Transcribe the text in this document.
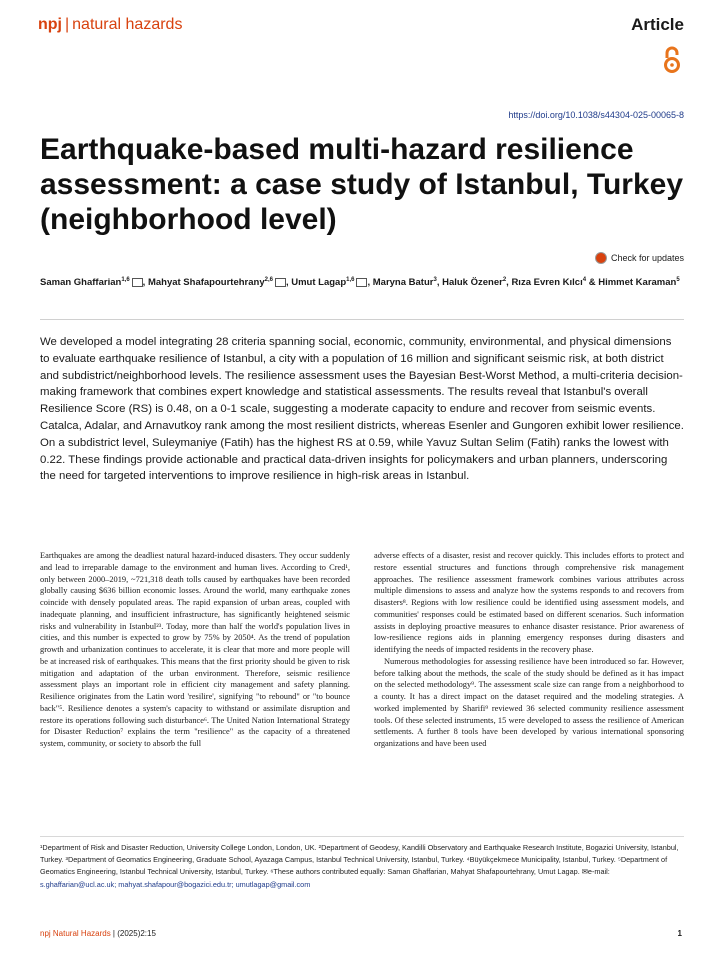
npj | natural hazards	Article
https://doi.org/10.1038/s44304-025-00065-8
Earthquake-based multi-hazard resilience assessment: a case study of Istanbul, Turkey (neighborhood level)
Check for updates

Saman Ghaffarian$^{1,6}$ , Mahyat Shafapourtehrany$^{2,6}$ , Umut Lagap$^{1,6}$ , Maryna Batur$^3$, Haluk Özener$^2$, Rıza Evren Kılcı$^4$ & Himmet Karaman$^5$

We developed a model integrating 28 criteria spanning social, economic, community, environmental, and physical dimensions to evaluate earthquake resilience of Istanbul, a city with a population of 16 million and significant seismic risk, at both district and subdistrict/neighborhood levels. The resilience assessment uses the Bayesian Best-Worst Method, a multi-criteria decision-making framework that combines expert knowledge and statistical assessments. The results reveal that Istanbul's overall Resilience Score (RS) is 0.48, on a 0-1 scale, suggesting a moderate capacity to endure and recover from seismic events. Catalca, Adalar, and Arnavutkoy rank among the most resilient districts, whereas Esenler and Gungoren exhibit lower resilience. On a subdistrict level, Suleymaniye (Fatih) has the highest RS at 0.59, while Yavuz Sultan Selim (Fatih) ranks the lowest with 0.22. These findings provide actionable and practical data-driven insights for policymakers and urban planners, underscoring the need for targeted interventions to improve resilience in high-risk areas in Istanbul.

Earthquakes are among the deadliest natural hazard-induced disasters. They occur suddenly and lead to irreparable damage to the environment and human lives. According to Cred¹, only between 2000–2019, ~721,318 death tolls caused by earthquakes have been recorded globally causing $636 billion economic losses. Around the world, many earthquake zones coincide with densely populated areas. The rapid expansion of urban areas, coupled with inadequate planning, and insufficient infrastructure, has significantly heightened seismic risks and vulnerability in Istanbul²³. Today, more than half the world's population lives in cities, and this number is expected to grow by 75% by 2050⁴. As the trend of population growth and urbanization continues to accelerate, it is clear that more and more people will be at increased risk of earthquakes. This means that the first priority should be given to risk mitigation and adaptation of the urban environment. Therefore, seismic resilience assessment plays an important role in efficient city management and safety planning. Resilience originates from the Latin word 'resilire', signifying "to rebound" or "to bounce back"⁵. Resilience denotes a system's capacity to withstand or assimilate disruption and restore its operations following such disturbance⁶. The United Nation International Strategy for Disaster Reduction⁷ explains the term "resilience" as the capacity of a threatened system, community, or society to absorb the full

adverse effects of a disaster, resist and recover quickly. This includes efforts to protect and restore essential structures and functions through comprehensive risk management approaches. The resilience assessment framework combines various attributes across multiple dimensions to assess and analyze how the systems responds to and recovers from disasters⁸. Regions with low resilience could be identified using assessment models, and communities' responses could be estimated based on different scenarios. Such information assists in deploying proactive measures to enhance disaster resistance. Prior awareness of low-resilience regions aids in planning emergency responses during disasters and identifying the needs of impacted residents in the recovery phase.

Numerous methodologies for assessing resilience have been introduced so far. However, before talking about the methods, the scale of the study should be defined as it has impact on the selected methodology⁹. The assessment scale size can range from a neighborhood to a county. It has a direct impact on the dataset required and the modeling strategies. A worked implemented by Sharifi⁹ reviewed 36 selected community resilience assessment tools. Of these selected instruments, 15 were developed to assess the resilience of American settlements. A further 8 tools have been developed by various international sponsoring organizations and have been used

¹Department of Risk and Disaster Reduction, University College London, London, UK. ²Department of Geodesy, Kandilli Observatory and Earthquake Research Institute, Bogazici University, Istanbul, Turkey. ³Department of Geomatics Engineering, Graduate School, Ayazaga Campus, Istanbul Technical University, Istanbul, Turkey. ⁴Büyükçekmece Municipality, Istanbul, Turkey. ⁵Department of Geomatics Engineering, Istanbul Technical University, Istanbul, Turkey. ⁶These authors contributed equally: Saman Ghaffarian, Mahyat Shafapourtehrany, Umut Lagap. ✉e-mail: s.ghaffarian@ucl.ac.uk; mahyat.shafapour@bogazici.edu.tr; umutlagap@gmail.com

npj Natural Hazards | (2025)2:15	1
